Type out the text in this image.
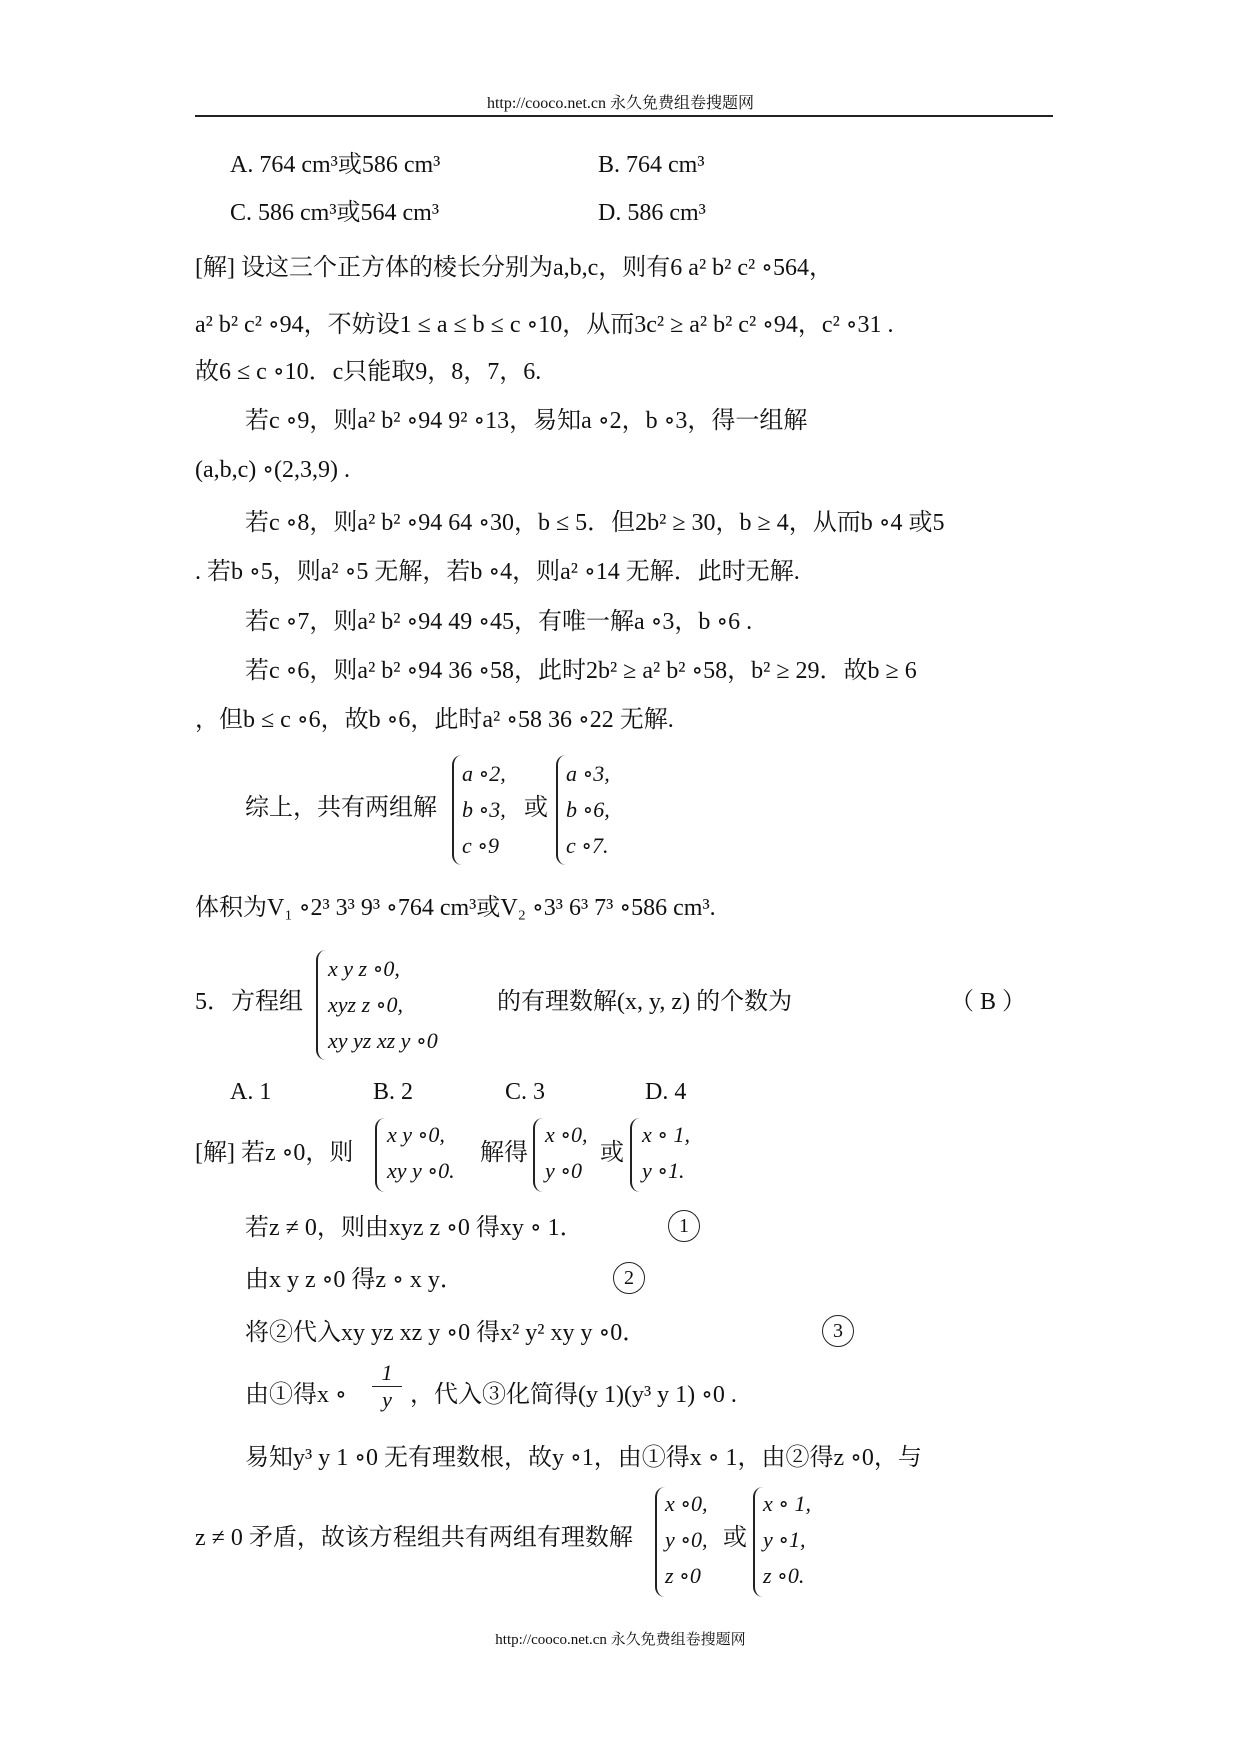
http://cooco.net.cn 永久免费组卷搜题网
A. 764 cm³或586 cm³	B. 764 cm³
C. 586 cm³或564 cm³	D. 586 cm³
[解] 设这三个正方体的棱长分别为a,b,c，则有6 a² b² c² ∘564，
a² b² c² ∘94，不妨设1 ≤ a ≤ b ≤ c ∘10，从而3c² ≥ a² b² c² ∘94，c² ∘31 .
故6 ≤ c ∘10．c只能取9，8，7，6.
若c ∘9，则a² b² ∘94 9² ∘13，易知a ∘2，b ∘3，得一组解
(a,b,c) ∘(2,3,9) .
若c ∘8，则a² b² ∘94 64 ∘30，b ≤ 5．但2b² ≥ 30，b ≥ 4，从而b ∘4 或5
. 若b ∘5，则a² ∘5 无解，若b ∘4，则a² ∘14 无解．此时无解.
若c ∘7，则a² b² ∘94 49 ∘45，有唯一解a ∘3，b ∘6 .
若c ∘6，则a² b² ∘94 36 ∘58，此时2b² ≥ a² b² ∘58，b² ≥ 29．故b ≥ 6
，但b ≤ c ∘6，故b ∘6，此时a² ∘58 36 ∘22 无解.
综上，共有两组解
a ∘2,
b ∘3,
c ∘9
或
a ∘3,
b ∘6,
c ∘7.
体积为V₁ ∘2³ 3³ 9³ ∘764 cm³或V₂ ∘3³ 6³ 7³ ∘586 cm³.
5．方程组
x y z ∘0,
xyz z ∘0,
xy yz xz y ∘0
的有理数解(x, y, z) 的个数为	（ B ）
A. 1	B. 2	C. 3	D. 4
[解] 若z ∘0，则
x y ∘0,
xy y ∘0.
解得
x ∘0,
y ∘0
或
x ∘ 1,
y ∘1.
若z ≠ 0，则由xyz z ∘0 得xy ∘ 1．	1
由x y z ∘0 得z ∘ x y．	2
将②代入xy yz xz y ∘0 得x² y² xy y ∘0．	3
由①得x ∘ $\frac{1}{y}$ ，代入③化简得(y 1)(y³ y 1) ∘0 .
易知y³ y 1 ∘0 无有理数根，故y ∘1，由①得x ∘ 1，由②得z ∘0，与
z ≠ 0 矛盾，故该方程组共有两组有理数解
x ∘0,
y ∘0,
z ∘0
或
x ∘ 1,
y ∘1,
z ∘0.
http://cooco.net.cn 永久免费组卷搜题网
